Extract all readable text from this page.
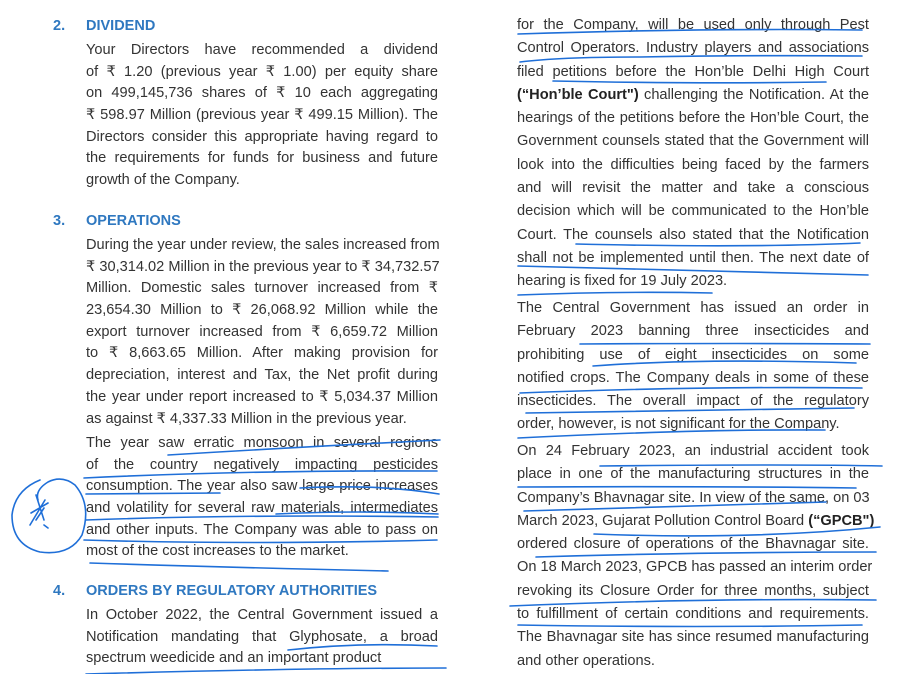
2. DIVIDEND
Your Directors have recommended a dividend
of ₹ 1.20 (previous year ₹ 1.00) per equity share
on 499,145,736 shares of ₹ 10 each aggregating
₹ 598.97 Million (previous year ₹ 499.15 Million). The
Directors consider this appropriate having regard to
the requirements for funds for business and future
growth of the Company.
3. OPERATIONS
During the year under review, the sales increased from
₹ 30,314.02 Million in the previous year to ₹ 34,732.57
Million. Domestic sales turnover increased from ₹
23,654.30 Million to ₹ 26,068.92 Million while the
export turnover increased from ₹ 6,659.72 Million
to ₹ 8,663.65 Million. After making provision for
depreciation, interest and Tax, the Net profit during
the year under report increased to ₹ 5,034.37 Million
as against ₹ 4,337.33 Million in the previous year.
The year saw erratic monsoon in several regions
of the country negatively impacting pesticides
consumption. The year also saw large price increases
and volatility for several raw materials, intermediates
and other inputs. The Company was able to pass on
most of the cost increases to the market.
4. ORDERS BY REGULATORY AUTHORITIES
In October 2022, the Central Government issued a
Notification mandating that Glyphosate, a broad
spectrum weedicide and an important product
for the Company, will be used only through Pest
Control Operators. Industry players and associations
filed petitions before the Hon’ble Delhi High Court
(“Hon’ble Court") challenging the Notification. At the
hearings of the petitions before the Hon’ble Court, the
Government counsels stated that the Government will
look into the difficulties being faced by the farmers
and will revisit the matter and take a conscious
decision which will be communicated to the Hon’ble
Court. The counsels also stated that the Notification
shall not be implemented until then. The next date of
hearing is fixed for 19 July 2023.
The Central Government has issued an order in
February 2023 banning three insecticides and
prohibiting use of eight insecticides on some
notified crops. The Company deals in some of these
insecticides. The overall impact of the regulatory
order, however, is not significant for the Company.
On 24 February 2023, an industrial accident took
place in one of the manufacturing structures in the
Company’s Bhavnagar site. In view of the same, on 03
March 2023, Gujarat Pollution Control Board (“GPCB")
ordered closure of operations of the Bhavnagar site.
On 18 March 2023, GPCB has passed an interim order
revoking its Closure Order for three months, subject
to fulfillment of certain conditions and requirements.
The Bhavnagar site has since resumed manufacturing
and other operations.
